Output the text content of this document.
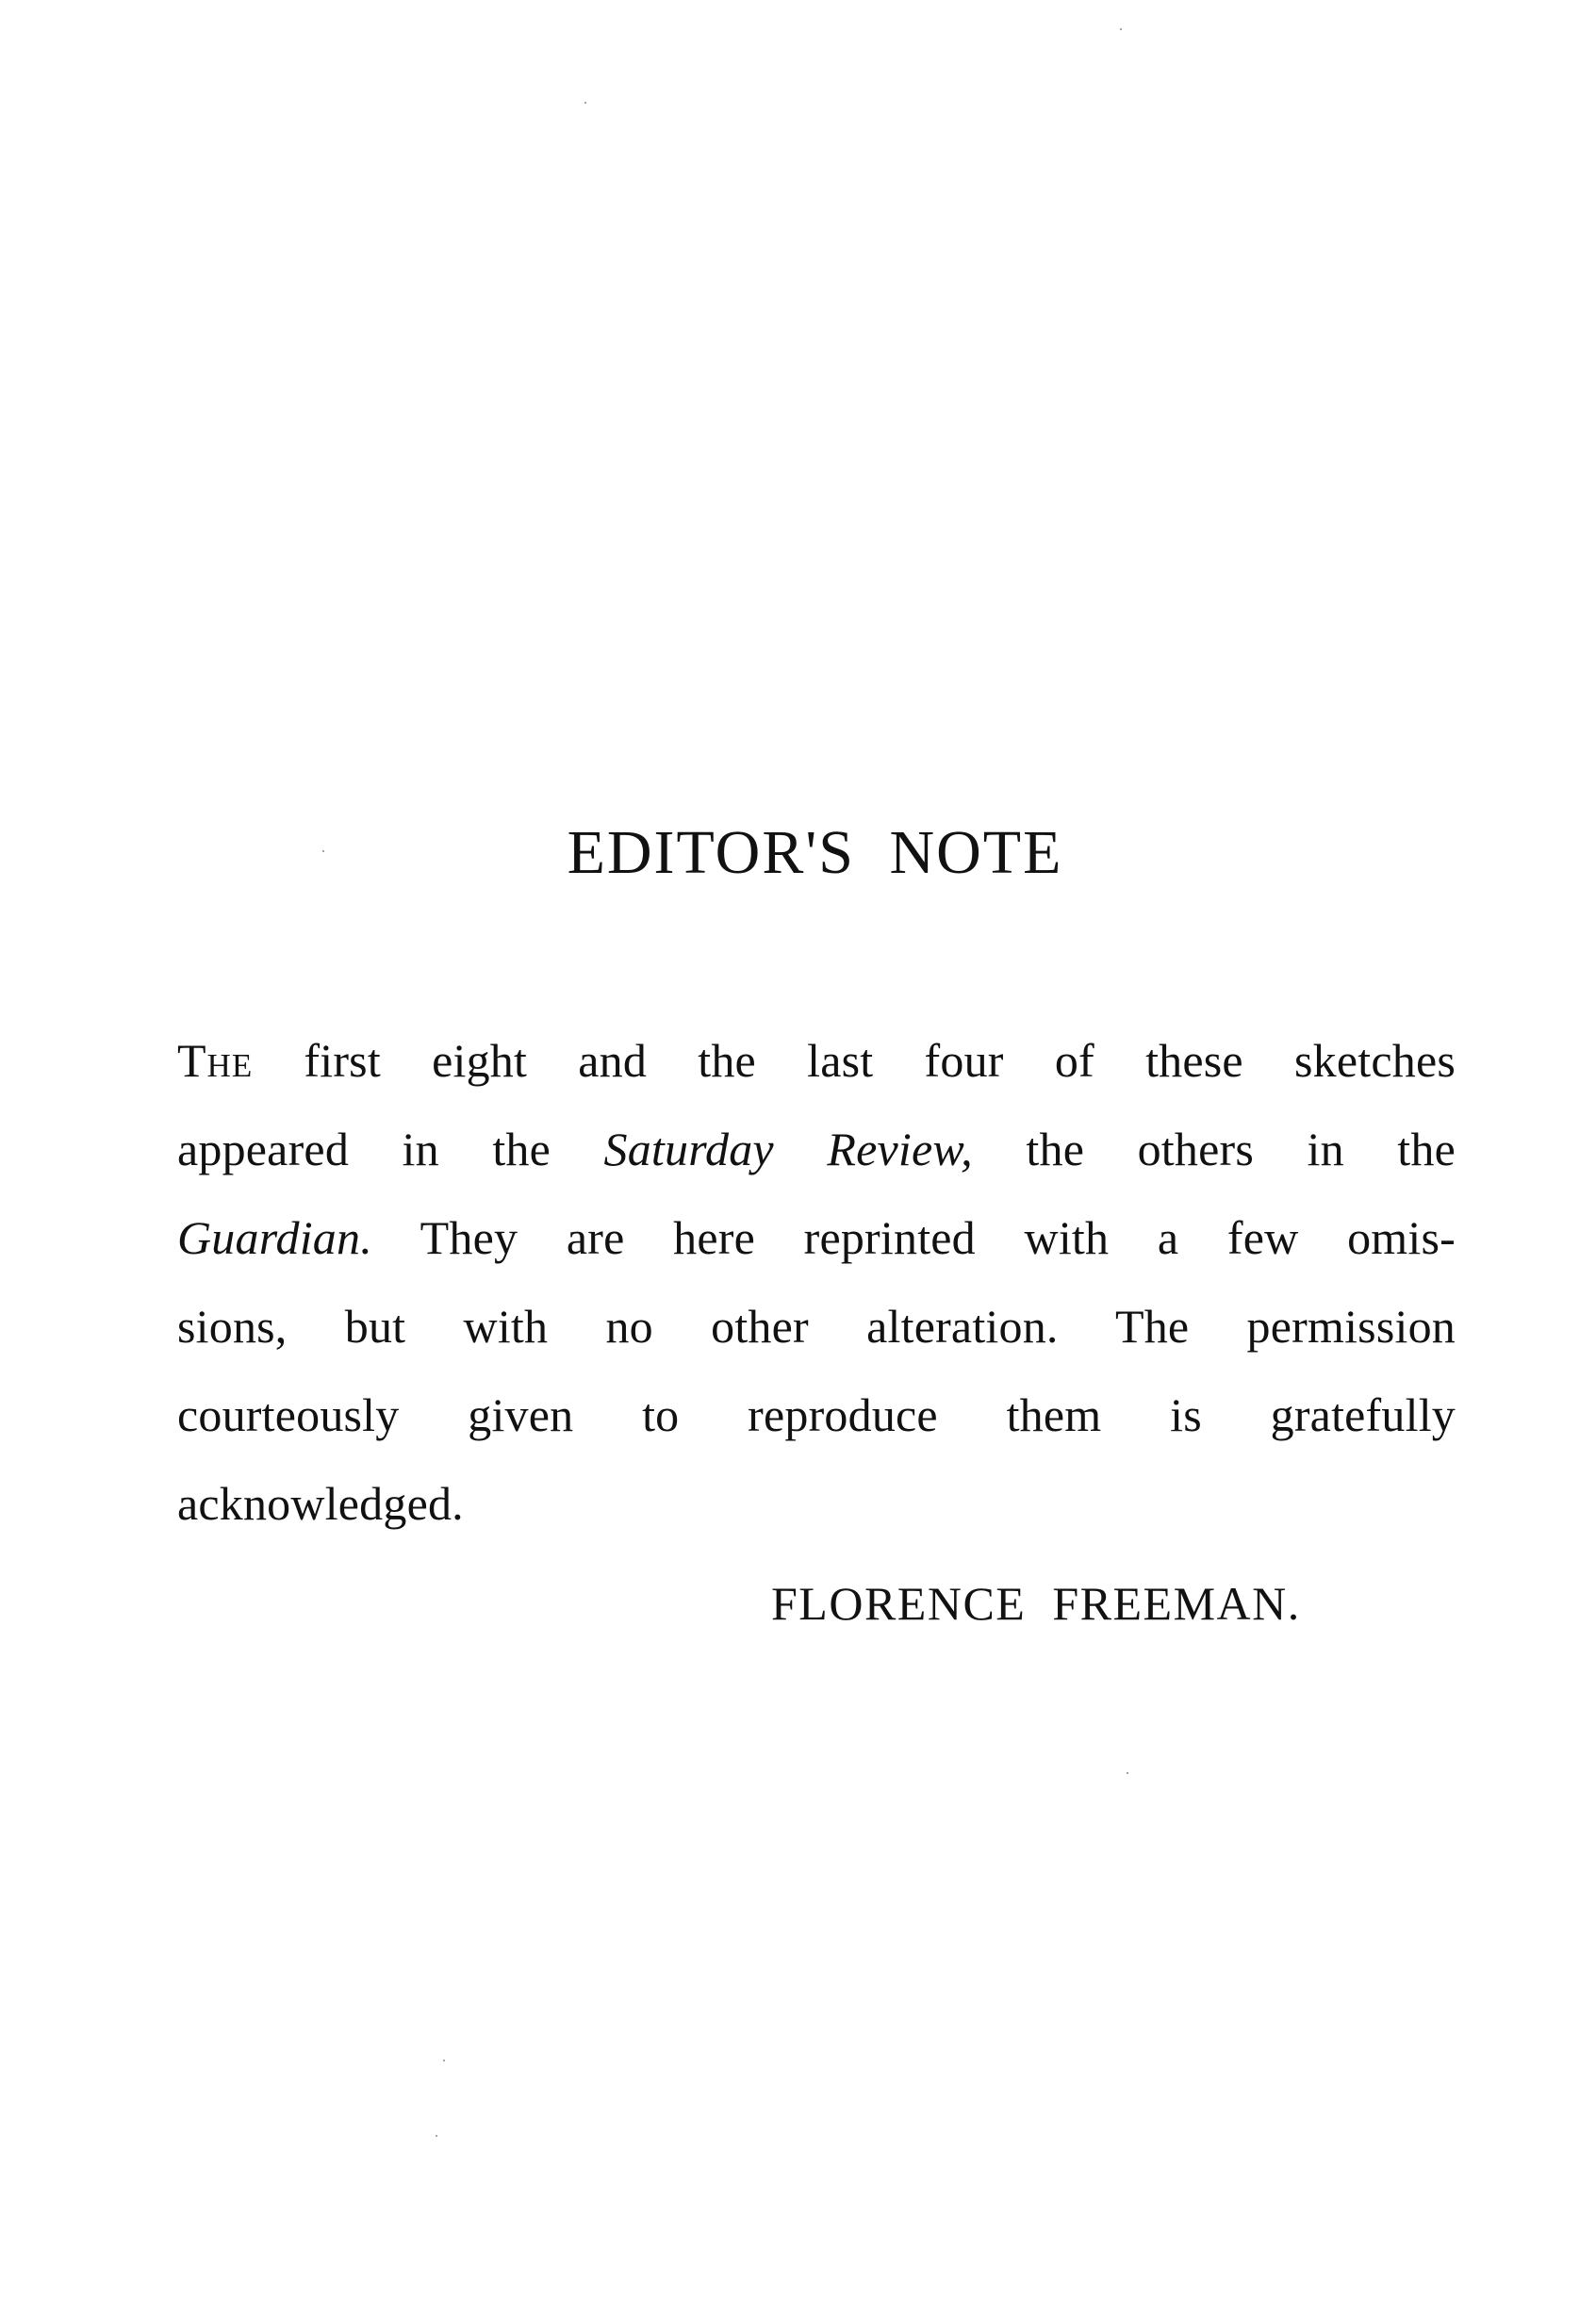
EDITOR'S NOTE
The first eight and the last four of these sketches
appeared in the Saturday Review, the others in the
Guardian. They are here reprinted with a few omis-
sions, but with no other alteration. The permission
courteously given to reproduce them is gratefully
acknowledged.

FLORENCE FREEMAN.
